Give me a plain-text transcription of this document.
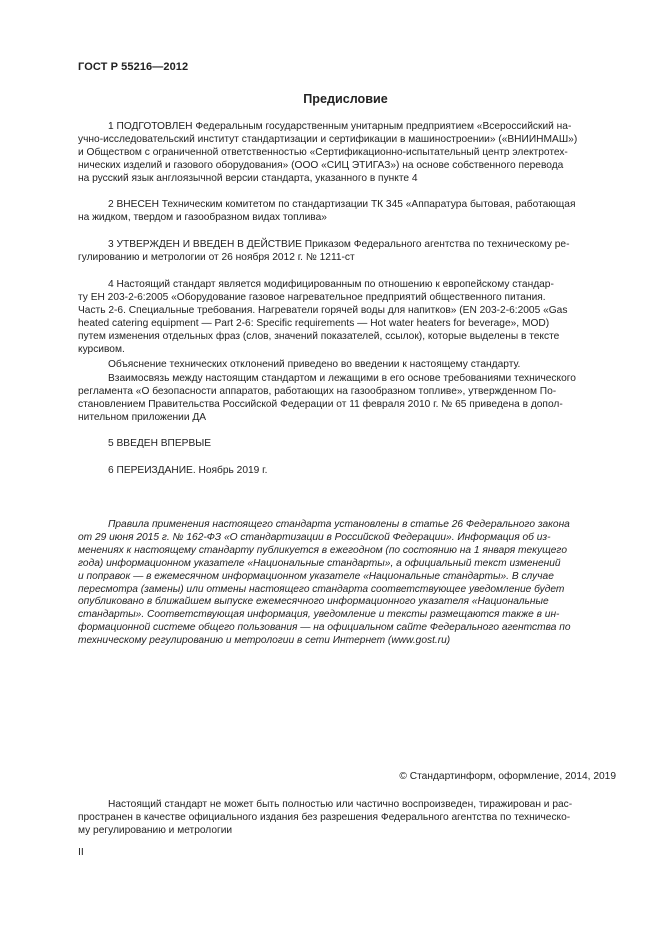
ГОСТ Р 55216—2012
Предисловие
1 ПОДГОТОВЛЕН Федеральным государственным унитарным предприятием «Всероссийский на-
учно-исследовательский институт стандартизации и сертификации в машиностроении» («ВНИИНМАШ»)
и Обществом с ограниченной ответственностью «Сертификационно-испытательный центр электротех-
нических изделий и газового оборудования» (ООО «СИЦ ЭТИГАЗ») на основе собственного перевода
на русский язык англоязычной версии стандарта, указанного в пункте 4
2 ВНЕСЕН Техническим комитетом по стандартизации ТК 345 «Аппаратура бытовая, работающая
на жидком, твердом и газообразном видах топлива»
3 УТВЕРЖДЕН И ВВЕДЕН В ДЕЙСТВИЕ Приказом Федерального агентства по техническому ре-
гулированию и метрологии от 26 ноября 2012 г. № 1211-ст
4 Настоящий стандарт является модифицированным по отношению к европейскому стандар-
ту ЕН 203-2-6:2005 «Оборудование газовое нагревательное предприятий общественного питания.
Часть 2-6. Специальные требования. Нагреватели горячей воды для напитков» (EN 203-2-6:2005 «Gas
heated catering equipment — Part 2-6: Specific requirements — Hot water heaters for beverage», MOD)
путем изменения отдельных фраз (слов, значений показателей, ссылок), которые выделены в тексте
курсивом.
Объяснение технических отклонений приведено во введении к настоящему стандарту.
Взаимосвязь между настоящим стандартом и лежащими в его основе требованиями технического
регламента «О безопасности аппаратов, работающих на газообразном топливе», утвержденном По-
становлением Правительства Российской Федерации от 11 февраля 2010 г. № 65 приведена в допол-
нительном приложении ДА
5 ВВЕДЕН ВПЕРВЫЕ
6 ПЕРЕИЗДАНИЕ. Ноябрь 2019 г.
Правила применения настоящего стандарта установлены в статье 26 Федерального закона
от 29 июня 2015 г. № 162-ФЗ «О стандартизации в Российской Федерации». Информация об из-
менениях к настоящему стандарту публикуется в ежегодном (по состоянию на 1 января текущего
года) информационном указателе «Национальные стандарты», а официальный текст изменений
и поправок — в ежемесячном информационном указателе «Национальные стандарты». В случае
пересмотра (замены) или отмены настоящего стандарта соответствующее уведомление будет
опубликовано в ближайшем выпуске ежемесячного информационного указателя «Национальные
стандарты». Соответствующая информация, уведомление и тексты размещаются также в ин-
формационной системе общего пользования — на официальном сайте Федерального агентства по
техническому регулированию и метрологии в сети Интернет (www.gost.ru)
© Стандартинформ, оформление, 2014, 2019
Настоящий стандарт не может быть полностью или частично воспроизведен, тиражирован и рас-
пространен в качестве официального издания без разрешения Федерального агентства по техническо-
му регулированию и метрологии
II
